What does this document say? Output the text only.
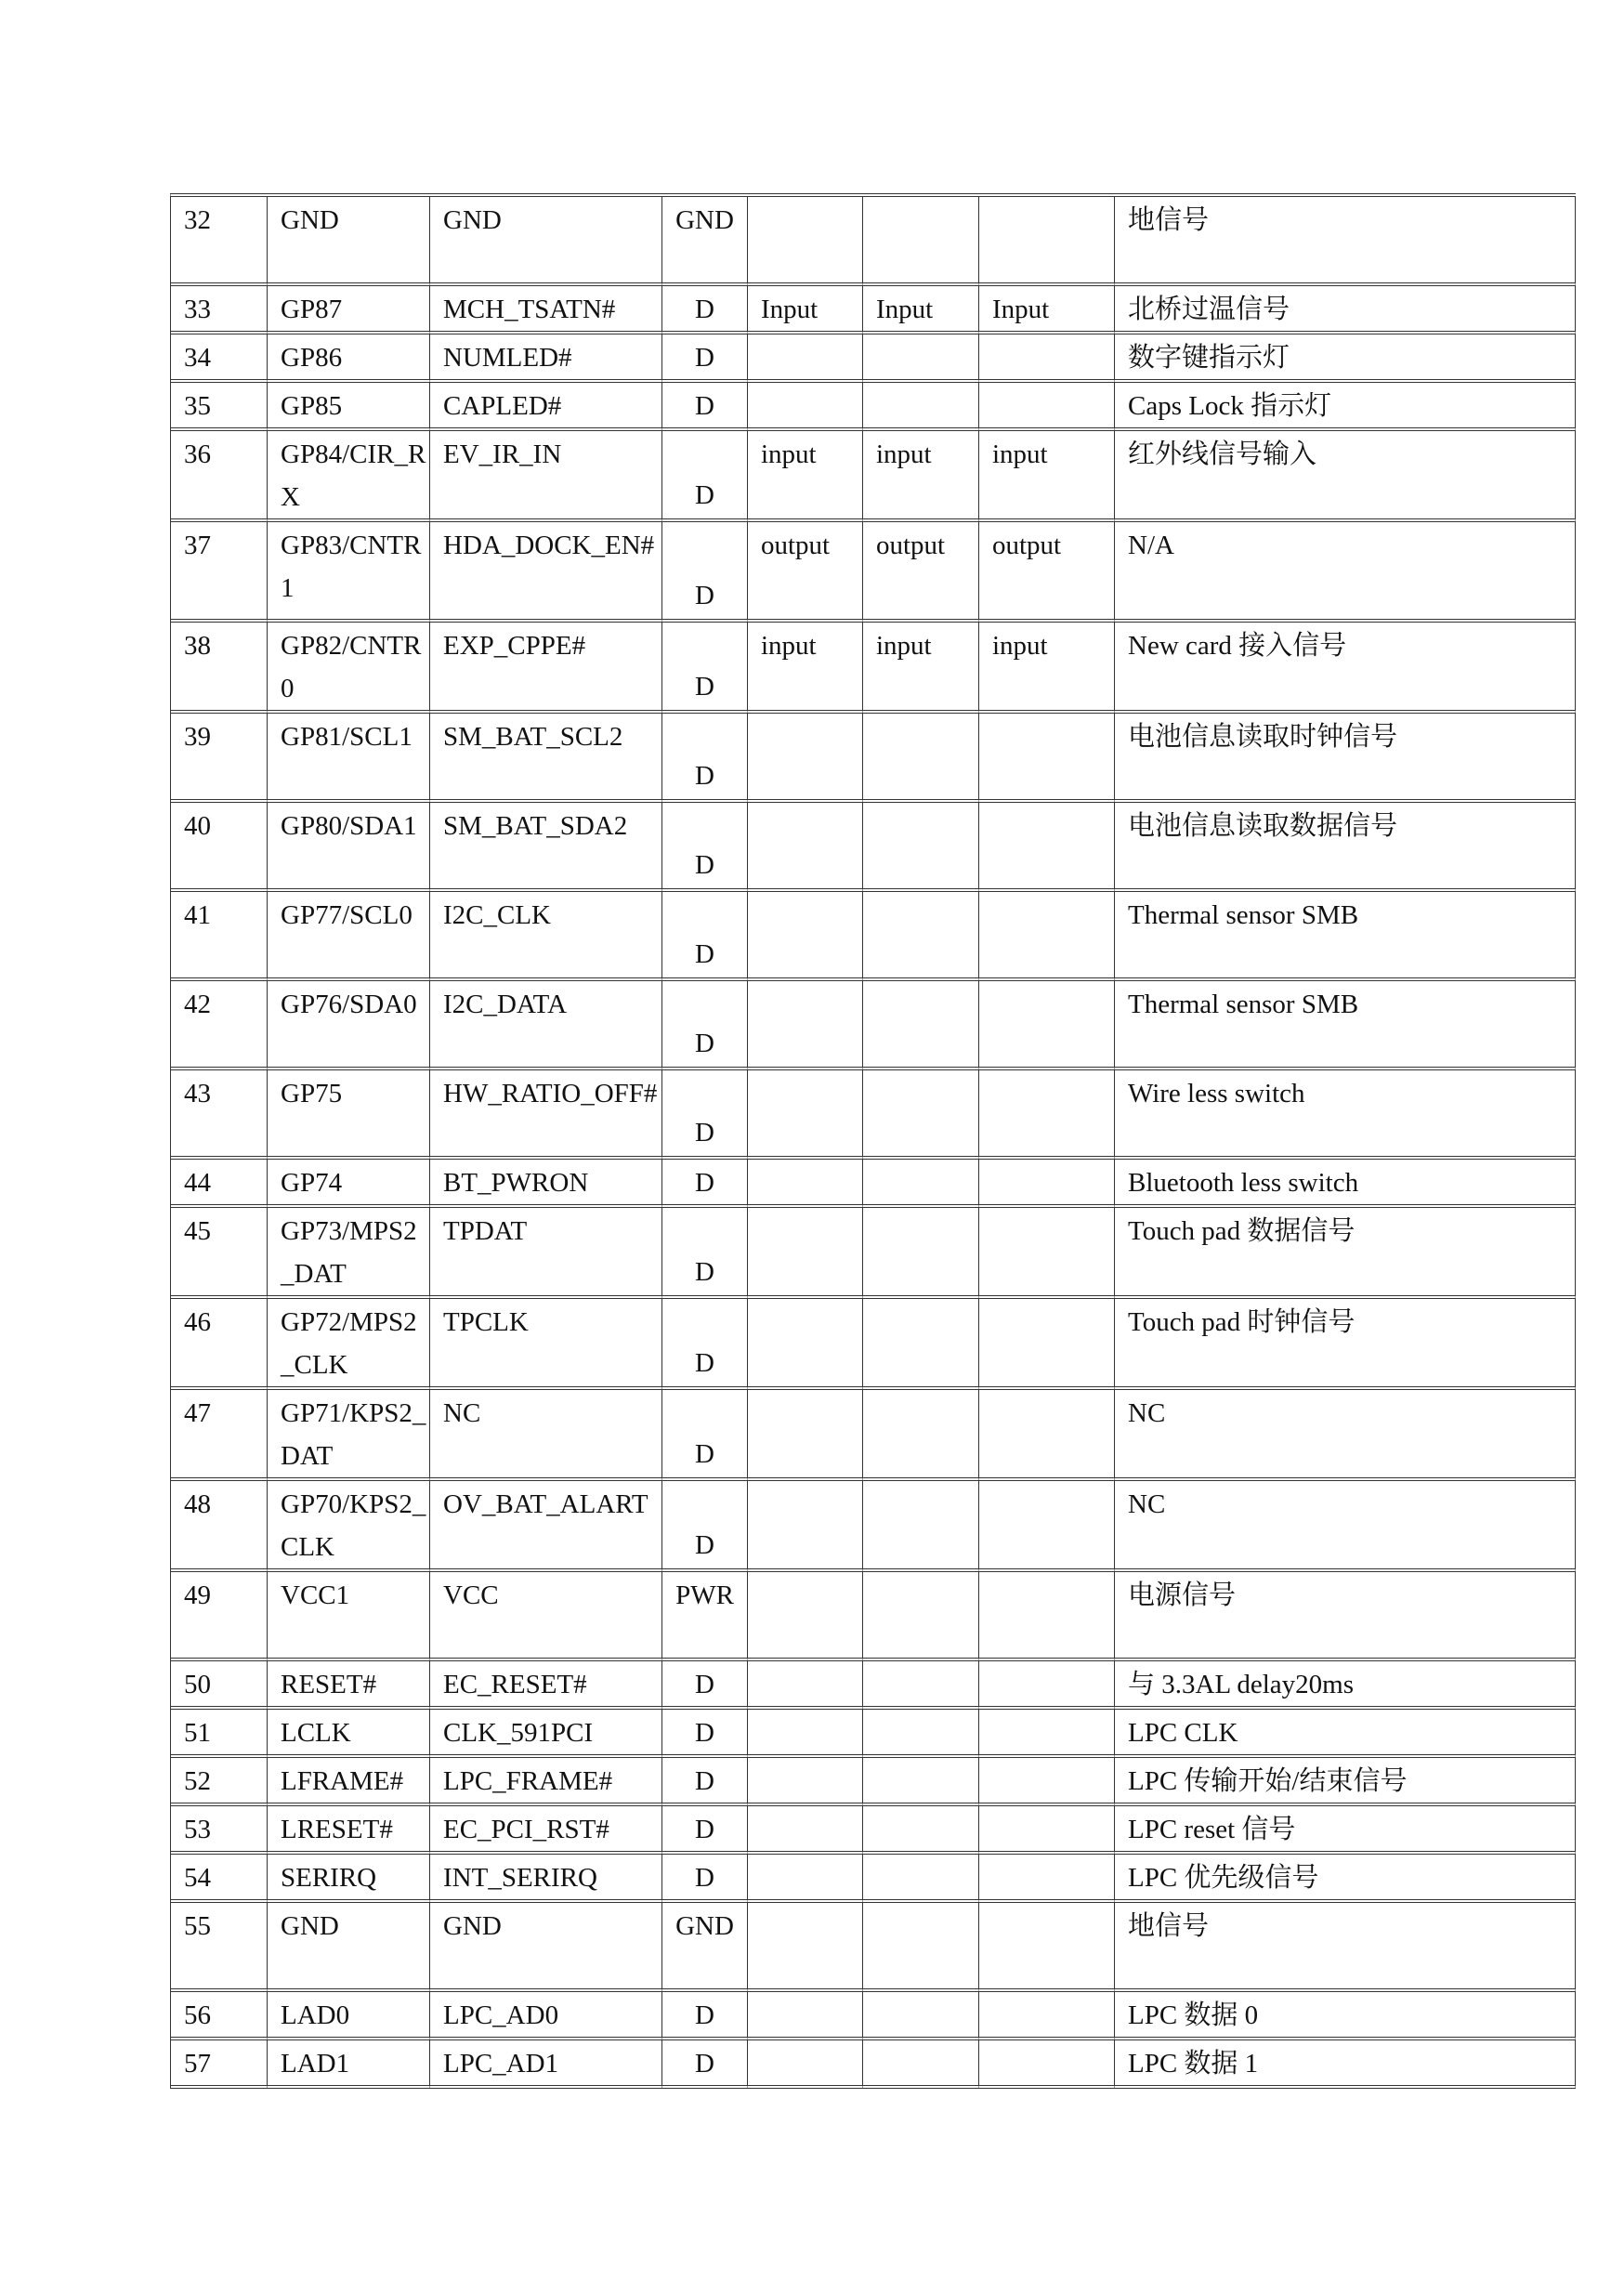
32	GND	GND	GND				地信号
33	GP87	MCH_TSATN#	D	Input	Input	Input	北桥过温信号
34	GP86	NUMLED#	D				数字键指示灯
35	GP85	CAPLED#	D				Caps Lock 指示灯
36	GP84/CIR_RX	EV_IR_IN	D	input	input	input	红外线信号输入
37	GP83/CNTR1	HDA_DOCK_EN#	D	output	output	output	N/A
38	GP82/CNTR0	EXP_CPPE#	D	input	input	input	New card 接入信号
39	GP81/SCL1	SM_BAT_SCL2	D				电池信息读取时钟信号
40	GP80/SDA1	SM_BAT_SDA2	D				电池信息读取数据信号
41	GP77/SCL0	I2C_CLK	D				Thermal sensor SMB
42	GP76/SDA0	I2C_DATA	D				Thermal sensor SMB
43	GP75	HW_RATIO_OFF#	D				Wire less switch
44	GP74	BT_PWRON	D				Bluetooth less switch
45	GP73/MPS2_DAT	TPDAT	D				Touch pad 数据信号
46	GP72/MPS2_CLK	TPCLK	D				Touch pad 时钟信号
47	GP71/KPS2_DAT	NC	D				NC
48	GP70/KPS2_CLK	OV_BAT_ALART	D				NC
49	VCC1	VCC	PWR				电源信号
50	RESET#	EC_RESET#	D				与 3.3AL delay20ms
51	LCLK	CLK_591PCI	D				LPC CLK
52	LFRAME#	LPC_FRAME#	D				LPC 传输开始/结束信号
53	LRESET#	EC_PCI_RST#	D				LPC reset 信号
54	SERIRQ	INT_SERIRQ	D				LPC 优先级信号
55	GND	GND	GND				地信号
56	LAD0	LPC_AD0	D				LPC 数据 0
57	LAD1	LPC_AD1	D				LPC 数据 1
